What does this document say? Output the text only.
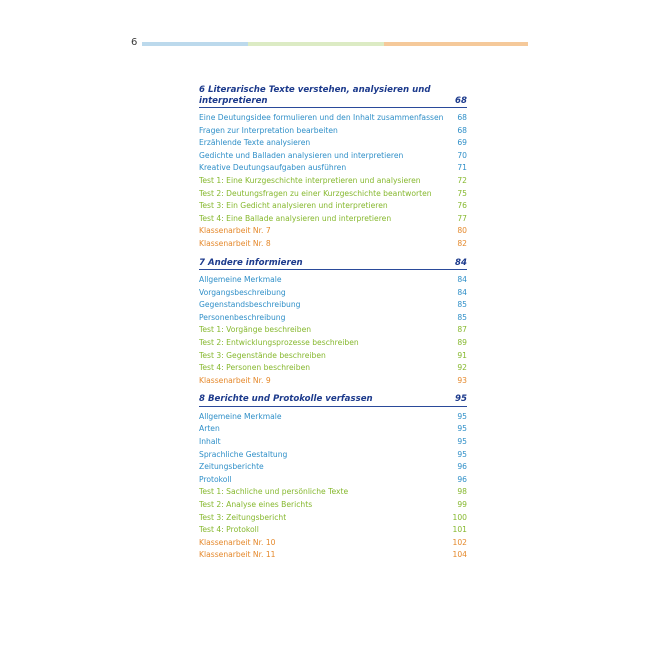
6
6 Literarische Texte verstehen, analysieren und interpretieren	68
Eine Deutungsidee formulieren und den Inhalt zusammenfassen	68
Fragen zur Interpretation bearbeiten	68
Erzählende Texte analysieren	69
Gedichte und Balladen analysieren und interpretieren	70
Kreative Deutungsaufgaben ausführen	71
Test 1: Eine Kurzgeschichte interpretieren und analysieren	72
Test 2: Deutungsfragen zu einer Kurzgeschichte beantworten	75
Test 3: Ein Gedicht analysieren und interpretieren	76
Test 4: Eine Ballade analysieren und interpretieren	77
Klassenarbeit Nr. 7	80
Klassenarbeit Nr. 8	82
7 Andere informieren	84
Allgemeine Merkmale	84
Vorgangsbeschreibung	84
Gegenstandsbeschreibung	85
Personenbeschreibung	85
Test 1: Vorgänge beschreiben	87
Test 2: Entwicklungsprozesse beschreiben	89
Test 3: Gegenstände beschreiben	91
Test 4: Personen beschreiben	92
Klassenarbeit Nr. 9	93
8 Berichte und Protokolle verfassen	95
Allgemeine Merkmale	95
Arten	95
Inhalt	95
Sprachliche Gestaltung	95
Zeitungsberichte	96
Protokoll	96
Test 1: Sachliche und persönliche Texte	98
Test 2: Analyse eines Berichts	99
Test 3: Zeitungsbericht	100
Test 4: Protokoll	101
Klassenarbeit Nr. 10	102
Klassenarbeit Nr. 11	104
